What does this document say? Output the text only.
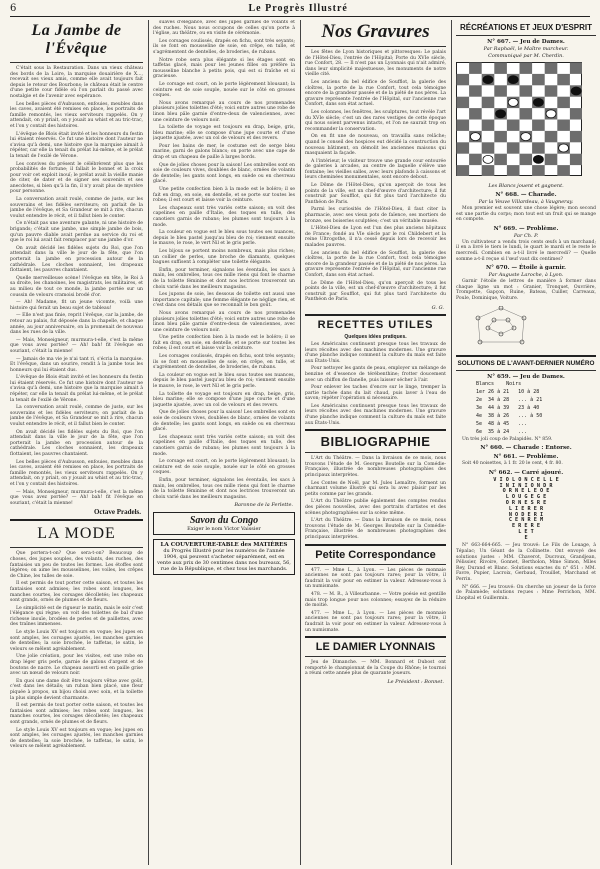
6	Le Progrès Illustré
La Jambe de l'Évêque

C'était sous la Restauration. Dans un vieux château des bords de la Loire, la marquise douairière de X..., recevait ses vieux amis, comme elle avait toujours fait depuis le retour des Bourbons; le château était le centre d'une petite cour fidèle où l'on parlait du passé avec nostalgie et de l'avenir avec espérance.

Les belles pièces d'Aubusson, enfouies, meubles dans les caves, avaient été remises en place, les portraits de famille remontés, les vieux serviteurs rappelés. On y attendait, on y priait, on y jouait au whist et au tric-trac, et l'on y contait des histoires.

L'évêque de Blois était invité et les honneurs du festin lui étaient réservés. Ce fut une histoire dont l'auteur ne s'avisa qu'à demi, une histoire que la marquise aimait à répéter, car elle la tenait du prélat lui-même, et le prélat la tenait de l'exilé de Vérone.

Les convives du présent le célébrèrent plus que les probabilités de fortune; il fallait le bonnet et la croix pour voir cet exploit inouï; le prélat avait la vieille manie de citer, de dater et de signer ses souvenirs et ses anecdotes, si bien qu'à la fin, il n'y avait plus de mystère pour personne.

La conversation avait roulé, comme de juste, sur les souverains et les fidèles serviteurs; on parlait de la jambe de l'évêque, et Sa Grandeur se mit à rire, chacun voulut entendre le récit, et il fallut bien le conter.

Ce n'était pas une aventure galante, ni une histoire de brigands; c'était une jambe, une simple jambe de bois, qu'un pauvre diable avait perdue au service du roi et que le roi lui avait fait remplacer par une jambe d'or.

On avait décidé les fidèles sujets du Roi, que l'on attendait dans la ville le jour de la fête, que l'on porterait la jambe en procession autour de la cathédrale. Les cloches sonnaient, les drapeaux flottaient, les pauvres chantaient.

Quelle merveilleuse scène! l'évêque en tête, le Roi à sa droite, les chanoines, les magistrats, les militaires, et au milieu de tout ce monde, la jambe portée sur un coussin de velours cramoisi brodé d'or.

— Ah! Madame, fit un jeune vicomte, voilà une histoire qui ferait un beau sujet de tableau!

— Elle n'est pas finie, reprit l'évêque, car la jambe, de retour au palais, fut déposée dans la chapelle, et chaque année, au jour anniversaire, on la promenait de nouveau dans les rues de la ville.

— Mais, Monseigneur, murmura-t-elle, c'est la même que vous avez portée? — Ah! bah! fit l'évêque en souriant, c'était la mienne!

— Jamais de ma vie je n'ai tant ri, s'écria la marquise. Et l'évêque, dans un sourire, rendit à la jambe tous les honneurs qui lui étaient dus.

L'évêque de Blois était invité et les honneurs du festin lui étaient réservés. Ce fut une histoire dont l'auteur ne s'avisa qu'à demi, une histoire que la marquise aimait à répéter, car elle la tenait du prélat lui-même, et le prélat la tenait de l'exilé de Vérone.

La conversation avait roulé, comme de juste, sur les souverains et les fidèles serviteurs; on parlait de la jambe de l'évêque, et Sa Grandeur se mit à rire, chacun voulut entendre le récit, et il fallut bien le conter.

On avait décidé les fidèles sujets du Roi, que l'on attendait dans la ville le jour de la fête, que l'on porterait la jambe en procession autour de la cathédrale. Les cloches sonnaient, les drapeaux flottaient, les pauvres chantaient.

Les belles pièces d'Aubusson, enfouies, meubles dans les caves, avaient été remises en place, les portraits de famille remontés, les vieux serviteurs rappelés. On y attendait, on y priait, on y jouait au whist et au tric-trac, et l'on y contait des histoires.

— Mais, Monseigneur, murmura-t-elle, c'est la même que vous avez portée? — Ah! bah! fit l'évêque en souriant, c'était la mienne!

Octave Pradels.
LA MODE

Que portera-t-on? Que sera-t-on? Beaucoup de choses, des jupes souples, des volants, des ruches, des fantaisies un peu de toutes les formes. Les étoffes sont légères; on aime les mousselines, les voiles, les crêpes de Chine, les tulles de soie.

Il est permis de tout porter cette saison, et toutes les fantaisies sont admises; les robes sont longues, les manches courtes, les corsages décolletés; les chapeaux sont grands, ornés de plumes et de fleurs.

Le simplicité est de rigueur le matin, mais le soir c'est l'élégance qui règne; on voit des toilettes de bal d'une richesse inouïe, brodées de perles et de paillettes, avec des traînes immenses.

Le style Louis XV est toujours en vogue; les jupes en sont amples, les corsages ajustés, les manches garnies de dentelles; la soie brochée, le taffetas, le satin, le velours se mêlent agréablement.

Une jolie création, pour les visites, est une robe en drap léger gris perle, garnie de galons d'argent et de boutons de nacre. Le chapeau assorti est en paille grise avec un nœud de velours noir.

En quoi une dame doit être toujours vêtue avec goût, c'est dans les détails; un ruban bien placé, une fleur piquée à propos, un bijou choisi avec soin, et la toilette la plus simple devient charmante.

Il est permis de tout porter cette saison, et toutes les fantaisies sont admises; les robes sont longues, les manches courtes, les corsages décolletés; les chapeaux sont grands, ornés de plumes et de fleurs.

Le style Louis XV est toujours en vogue; les jupes en sont amples, les corsages ajustés, les manches garnies de dentelles; la soie brochée, le taffetas, le satin, le velours se mêlent agréablement.

suaves d'élégance, avec des jupes garnies de volants et des ruches. Nous nous occupons de celles qu'on porte à l'église, au théâtre, ou en visite de cérémonie.

Les corsages coulissés, drapés en fichu, sont très seyants; ils se font en mousseline de soie, en crêpe, en tulle, et s'agrémentent de dentelles, de broderies, de rubans.

Notre robe sera plus élégante si les étages sont en taffetas glacé, mais pour les jeunes filles on préfère la mousseline blanche à petits pois, qui est si fraîche et si gracieuse.

Le corsage est court, on le porte légèrement blousant; la ceinture est de soie souple, nouée sur le côté en grosses coques.

Nous avons remarqué au cours de nos promenades plusieurs jolies toilettes d'été; voici entre autres une robe de linon bleu pâle garnie d'entre-deux de valenciennes, avec une ceinture de velours noir.

La toilette de voyage est toujours en drap, beige, gris, bleu marine; elle se compose d'une jupe courte et d'une jaquette ajustée, avec un col de velours et des revers.

Pour les bains de mer, le costume est de serge bleu marine, garni de galons blancs; on porte avec une cape de drap et un chapeau de paille à larges bords.

Que de jolies choses pour la saison! Les ombrelles sont en soie de couleurs vives, doublées de blanc, ornées de volants de dentelle; les gants sont longs, en suède ou en chevreau glacé.

Une petite confection bien à la mode est le boléro; il se fait en drap, en soie, en dentelle, et se porte sur toutes les robes; il est court et laisse voir la ceinture.

Les chapeaux sont très variés cette saison; on voit des capelines en paille d'Italie, des toques en tulle, des canotiers garnis de rubans; les plumes sont toujours à la mode.

La couleur en vogue est le bleu sous toutes ses nuances, depuis le bleu pastel jusqu'au bleu de roi; viennent ensuite le mauve, le rose, le vert Nil et le gris perle.

Les bijoux se portent moins nombreux, mais plus riches; un collier de perles, une broche de diamants, quelques bagues suffisent à compléter une toilette élégante.

Enfin, pour terminer, signalons les éventails, les sacs à main, les ombrelles, tous ces mille riens qui font le charme de la toilette féminine et dont nos lectrices trouveront un choix varié dans les meilleurs magasins.

Les jupons de soie, les dessous de toilette ont aussi une importance capitale; une femme élégante ne néglige rien, et c'est dans ces détails que se reconnaît le bon goût.

Nous avons remarqué au cours de nos promenades plusieurs jolies toilettes d'été; voici entre autres une robe de linon bleu pâle garnie d'entre-deux de valenciennes, avec une ceinture de velours noir.

Une petite confection bien à la mode est le boléro; il se fait en drap, en soie, en dentelle, et se porte sur toutes les robes; il est court et laisse voir la ceinture.

Les corsages coulissés, drapés en fichu, sont très seyants; ils se font en mousseline de soie, en crêpe, en tulle, et s'agrémentent de dentelles, de broderies, de rubans.

La couleur en vogue est le bleu sous toutes ses nuances, depuis le bleu pastel jusqu'au bleu de roi; viennent ensuite le mauve, le rose, le vert Nil et le gris perle.

La toilette de voyage est toujours en drap, beige, gris, bleu marine; elle se compose d'une jupe courte et d'une jaquette ajustée, avec un col de velours et des revers.

Que de jolies choses pour la saison! Les ombrelles sont en soie de couleurs vives, doublées de blanc, ornées de volants de dentelle; les gants sont longs, en suède ou en chevreau glacé.

Les chapeaux sont très variés cette saison; on voit des capelines en paille d'Italie, des toques en tulle, des canotiers garnis de rubans; les plumes sont toujours à la mode.

Le corsage est court, on le porte légèrement blousant; la ceinture est de soie souple, nouée sur le côté en grosses coques.

Enfin, pour terminer, signalons les éventails, les sacs à main, les ombrelles, tous ces mille riens qui font le charme de la toilette féminine et dont nos lectrices trouveront un choix varié dans les meilleurs magasins.

Baronne de la Ferlette.
Savon du Congo
Exiger le nom Victor Vaissier
LA COUVERTURE-TABLE des MATIÈRES
du Progrès Illustré pour les numéros de l'année 1904, qui peuvent s'acheter séparément, est en vente aux prix de 30 centimes dans nos bureaux, 56, rue de la République, et chez tous les marchands.
Nos Gravures

Les fêtes de Lyon historiques et pittoresques: Le palais de l'Hôtel-Dieu, l'entrée de l'Hôpital; Porte du XVIe siècle, rue Confort, 28. — Il n'est pas un Lyonnais qui n'ait admiré, dans leur simplicité majestueuse, les monuments de notre vieille cité.

Les anciens du bel édifice de Soufflot, la galerie des cloîtres, la porte de la rue Confort, tout cela témoigne encore de la grandeur passée et de la piété de nos pères. La gravure représente l'entrée de l'Hôpital, sur l'ancienne rue Confort, dans son état actuel.

Les colonnes, les fenêtres, les sculptures, tout révèle l'art du XVIe siècle; c'est un des rares vestiges de cette époque qui nous soient parvenus intacts, et l'on ne saurait trop en recommander la conservation.

On en fit une de nouveau, on travailla sans relâche; quand le conseil des hospices eut décidé la construction du nouveau bâtiment, on démolit les anciennes maisons qui masquaient la façade.

A l'intérieur, le visiteur trouve une grande cour entourée de galeries à arcades, au centre de laquelle s'élève une fontaine; les vieilles salles, avec leurs plafonds à caissons et leurs cheminées monumentales, sont encore debout.

Le Dôme de l'Hôtel-Dieu, qu'on aperçoit de tous les points de la ville, est un chef-d'œuvre d'architecture; il fut construit par Soufflot, qui fut plus tard l'architecte du Panthéon de Paris.

Parmi les curiosités de l'Hôtel-Dieu, il faut citer la pharmacie, avec ses vieux pots de faïence, ses mortiers de bronze, ses boiseries sculptées; c'est un véritable musée.

L'Hôtel-Dieu de Lyon est l'un des plus anciens hôpitaux de France; fondé au VIe siècle par le roi Childebert et la reine Ultrogothe, il n'a cessé depuis lors de recevoir les malades pauvres.

Les anciens du bel édifice de Soufflot, la galerie des cloîtres, la porte de la rue Confort, tout cela témoigne encore de la grandeur passée et de la piété de nos pères. La gravure représente l'entrée de l'Hôpital, sur l'ancienne rue Confort, dans son état actuel.

Le Dôme de l'Hôtel-Dieu, qu'on aperçoit de tous les points de la ville, est un chef-d'œuvre d'architecture; il fut construit par Soufflot, qui fut plus tard l'architecte du Panthéon de Paris.

G. G.
RECETTES UTILES
Quelques idées pratiques.

Les Américains continuent presque tous les travaux de leurs récoltes avec des machines modernes. Une gravure d'une planche indique comment la culture du maïs est faite aux États-Unis.

Pour nettoyer les gants de peau, employer un mélange de benzine et d'essence de térébenthine; frotter doucement avec un chiffon de flanelle, puis laisser sécher à l'air.

Pour enlever les taches d'encre sur le linge, tremper la partie tachée dans du lait chaud, puis laver à l'eau de savon; répéter l'opération si nécessaire.

Les Américains continuent presque tous les travaux de leurs récoltes avec des machines modernes. Une gravure d'une planche indique comment la culture du maïs est faite aux États-Unis.

BIBLIOGRAPHIE

L'Art du Théâtre. — Dans la livraison de ce mois, nous trouvons l'étude de M. Georges Boutelle sur la Comédie-Française, illustrée de nombreuses photographies des principaux interprètes.

Les Contes de Noël, par M. Jules Lemaître, forment un charmant volume illustré qui sera lu avec plaisir par les petits comme par les grands.

L'Art du Théâtre publie également des comptes rendus des pièces nouvelles, avec des portraits d'artistes et des scènes photographiées sur la scène même.

L'Art du Théâtre. — Dans la livraison de ce mois, nous trouvons l'étude de M. Georges Boutelle sur la Comédie-Française, illustrée de nombreuses photographies des principaux interprètes.

Petite Correspondance

477. — Mme L., à Lyon. — Les pièces de monnaie anciennes ne sont pas toujours rares; pour la vôtre, il faudrait la voir pour en estimer la valeur. Adressez-vous à un numismate.

478. — M. R., à Villeurbanne. — Votre poésie est gentille mais trop longue pour nos colonnes; essayez de la réduire de moitié.

477. — Mme L., à Lyon. — Les pièces de monnaie anciennes ne sont pas toujours rares; pour la vôtre, il faudrait la voir pour en estimer la valeur. Adressez-vous à un numismate.

LE DAMIER LYONNAIS

Jeu de Dimanche. — MM. Bonnard et Dubost ont remporté le championnat de la Coupe du Rhône; le tournoi a réuni cette année plus de quarante joueurs.

Le Président : Bonnet.
RÉCRÉATIONS ET JEUX D'ESPRIT
N° 667. — Jeu de Dames.
Par Raphaël, le Maître marcheur.
Communiqué par M. Cherdin.
Les Blancs jouent et gagnent.
N° 668. — Charade.
Par la Veuve Villardeau, à Vaugneray.

Mon premier est souvent une chose légère; mon second est une partie du corps; mon tout est un fruit qui se mange en compote.

N° 669. — Problème.
Par Ch. P.

Un cultivateur a vendu trois cents œufs à un marchand; il en a livré le tiers le lundi, le quart le mardi et le reste le mercredi. Combien en a-t-il livré le mercredi? — Quelle somme a-t-il reçue si l'œuf vaut dix centimes?

N° 670. — Étoile à garnir.
Par Auguste Laroche, à Lyon.

Garnir l'étoile de lettres de manière à former dans chaque ligne un mot : Granier, Tronquet, Ouvrière, Trompette, Gapçon, Ruine, Bateau, Cuiller, Carreaux, Poule, Dominique, Voiture.

SOLUTIONS DE L'AVANT-DERNIER NUMÉRO
N° 659. — Jeu de Dames.
Blancs    Noirs
1er 26 à 21   10 à 28
2e  34 à 28   ... à 21
3e  44 à 39   23 à 40
4e  38 à 26   ... à 50
5e  48 à 45   ...
6e  35 à 24   ...

Un très joli coup de Palapidès. N° 859.

N° 660. — Charade : Entorse.
N° 661. — Problème.

Soit 40 noisettes, à 1 fr. 20 le cent, 4 fr. 80.

N° 662. — Carré ajouré.
V I O L O N C E L L E
I N I N I O N D R
O R N E L E O E
L O U G E G E
O R N E S R E
L I E R E R
N O D E R I
C E N R E M
E R E R E
L E T
E

N° 663-664-665. — Jeu trouvé: Le Fils de Louage, à Tépalac; Un Géant de la Collinette. Ont envoyé des solutions justes : MM. Chaverot, Ducroux, Grandjean, Pélissier, Rivoire, Gonnet, Bertholon, Mme Simon, Mlles Rey, Durand et Blanc. Solutions exactes du n° 651 : MM. Favre, Pupier, Lacroix, Gerbaud, Trouillet, Marchand et Perrin.

N° 666. — Jeu trouvé: On cherche un joueur de la force de Palamède; solutions reçues : Mme Perrichon, MM. Lhopital et Guillermin.
